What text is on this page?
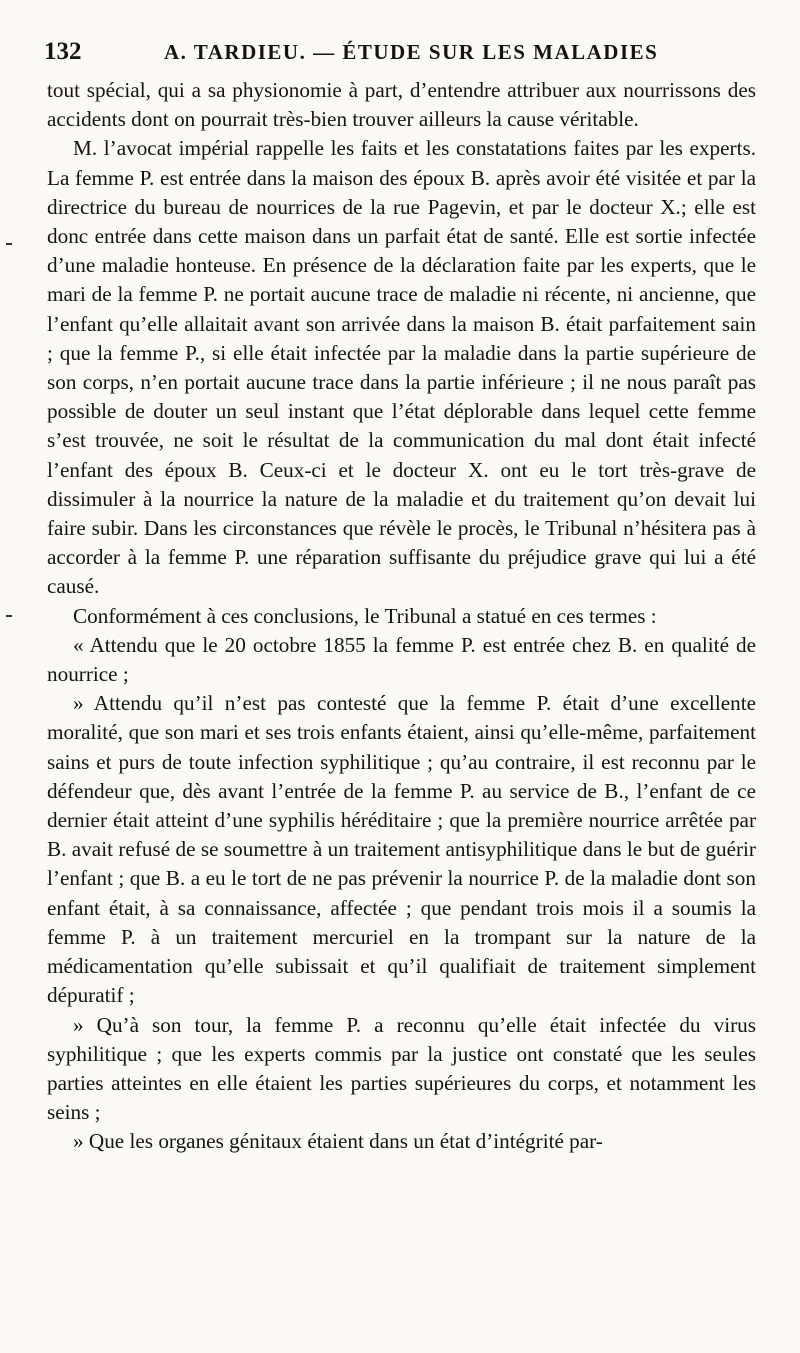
132	A. TARDIEU. — ÉTUDE SUR LES MALADIES

tout spécial, qui a sa physionomie à part, d’entendre attribuer aux nourrissons des accidents dont on pourrait très-bien trouver ailleurs la cause véritable.

M. l’avocat impérial rappelle les faits et les constatations faites par les experts. La femme P. est entrée dans la maison des époux B. après avoir été visitée et par la directrice du bureau de nourrices de la rue Pagevin, et par le docteur X.; elle est donc entrée dans cette maison dans un parfait état de santé. Elle est sortie infectée d’une maladie honteuse. En présence de la déclaration faite par les experts, que le mari de la femme P. ne portait aucune trace de maladie ni récente, ni ancienne, que l’enfant qu’elle allaitait avant son arrivée dans la maison B. était parfaitement sain ; que la femme P., si elle était infectée par la maladie dans la partie supérieure de son corps, n’en portait aucune trace dans la partie inférieure ; il ne nous paraît pas possible de douter un seul instant que l’état déplorable dans lequel cette femme s’est trouvée, ne soit le résultat de la communication du mal dont était infecté l’enfant des époux B. Ceux-ci et le docteur X. ont eu le tort très-grave de dissimuler à la nourrice la nature de la maladie et du traitement qu’on devait lui faire subir. Dans les circonstances que révèle le procès, le Tribunal n’hésitera pas à accorder à la femme P. une réparation suffisante du préjudice grave qui lui a été causé.

Conformément à ces conclusions, le Tribunal a statué en ces termes :

« Attendu que le 20 octobre 1855 la femme P. est entrée chez B. en qualité de nourrice ;

» Attendu qu’il n’est pas contesté que la femme P. était d’une excellente moralité, que son mari et ses trois enfants étaient, ainsi qu’elle-même, parfaitement sains et purs de toute infection syphilitique ; qu’au contraire, il est reconnu par le défendeur que, dès avant l’entrée de la femme P. au service de B., l’enfant de ce dernier était atteint d’une syphilis héréditaire ; que la première nourrice arrêtée par B. avait refusé de se soumettre à un traitement antisyphilitique dans le but de guérir l’enfant ; que B. a eu le tort de ne pas prévenir la nourrice P. de la maladie dont son enfant était, à sa connaissance, affectée ; que pendant trois mois il a soumis la femme P. à un traitement mercuriel en la trompant sur la nature de la médicamentation qu’elle subissait et qu’il qualifiait de traitement simplement dépuratif ;

» Qu’à son tour, la femme P. a reconnu qu’elle était infectée du virus syphilitique ; que les experts commis par la justice ont constaté que les seules parties atteintes en elle étaient les parties supérieures du corps, et notamment les seins ;

» Que les organes génitaux étaient dans un état d’intégrité par-
